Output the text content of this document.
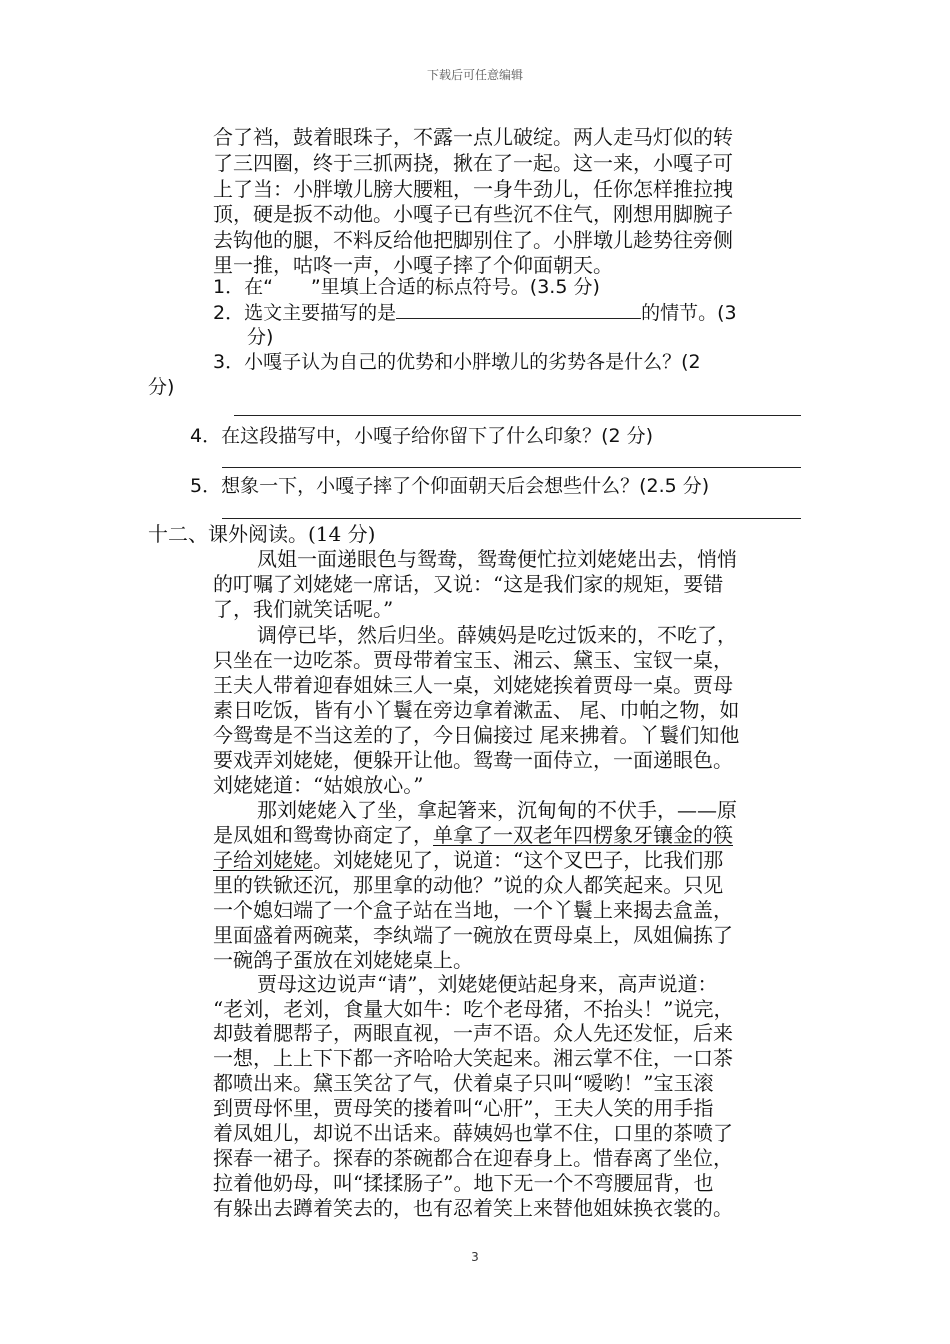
下载后可任意编辑
合了裆，鼓着眼珠子，不露一点儿破绽。两人走马灯似的转
了三四圈，终于三抓两挠，揪在了一起。这一来，小嘎子可
上了当：小胖墩儿膀大腰粗，一身牛劲儿，任你怎样推拉拽
顶，硬是扳不动他。小嘎子已有些沉不住气，刚想用脚腕子
去钩他的腿，不料反给他把脚别住了。小胖墩儿趁势往旁侧
里一推，咕咚一声，小嘎子摔了个仰面朝天。
1．在“　　”里填上合适的标点符号。(3.5 分)
2．选文主要描写的是	的情节。(3
分)
3．小嘎子认为自己的优势和小胖墩儿的劣势各是什么？(2
分)
4．在这段描写中，小嘎子给你留下了什么印象？(2 分)
5．想象一下，小嘎子摔了个仰面朝天后会想些什么？(2.5 分)
十二、课外阅读。(14 分)
凤姐一面递眼色与鸳鸯，鸳鸯便忙拉刘姥姥出去，悄悄
的叮嘱了刘姥姥一席话，又说：“这是我们家的规矩，要错
了，我们就笑话呢。”
调停已毕，然后归坐。薛姨妈是吃过饭来的，不吃了，
只坐在一边吃茶。贾母带着宝玉、湘云、黛玉、宝钗一桌，
王夫人带着迎春姐妹三人一桌，刘姥姥挨着贾母一桌。贾母
素日吃饭，皆有小丫鬟在旁边拿着漱盂、 尾、巾帕之物，如
今鸳鸯是不当这差的了，今日偏接过 尾来拂着。丫鬟们知他
要戏弄刘姥姥，便躲开让他。鸳鸯一面侍立，一面递眼色。
刘姥姥道：“姑娘放心。”
那刘姥姥入了坐，拿起箸来，沉甸甸的不伏手，——原
是凤姐和鸳鸯协商定了，单拿了一双老年四楞象牙镶金的筷
子给刘姥姥。刘姥姥见了，说道：“这个叉巴子，比我们那
里的铁锨还沉，那里拿的动他？”说的众人都笑起来。只见
一个媳妇端了一个盒子站在当地，一个丫鬟上来揭去盒盖，
里面盛着两碗菜，李纨端了一碗放在贾母桌上，凤姐偏拣了
一碗鸽子蛋放在刘姥姥桌上。
贾母这边说声“请”，刘姥姥便站起身来，高声说道：
“老刘，老刘，食量大如牛：吃个老母猪，不抬头！”说完，
却鼓着腮帮子，两眼直视，一声不语。众人先还发怔，后来
一想，上上下下都一齐哈哈大笑起来。湘云掌不住，一口茶
都喷出来。黛玉笑岔了气，伏着桌子只叫“嗳哟！”宝玉滚
到贾母怀里，贾母笑的搂着叫“心肝”，王夫人笑的用手指
着凤姐儿，却说不出话来。薛姨妈也掌不住，口里的茶喷了
探春一裙子。探春的茶碗都合在迎春身上。惜春离了坐位，
拉着他奶母，叫“揉揉肠子”。地下无一个不弯腰屈背，也
有躲出去蹲着笑去的，也有忍着笑上来替他姐妹换衣裳的。
3
